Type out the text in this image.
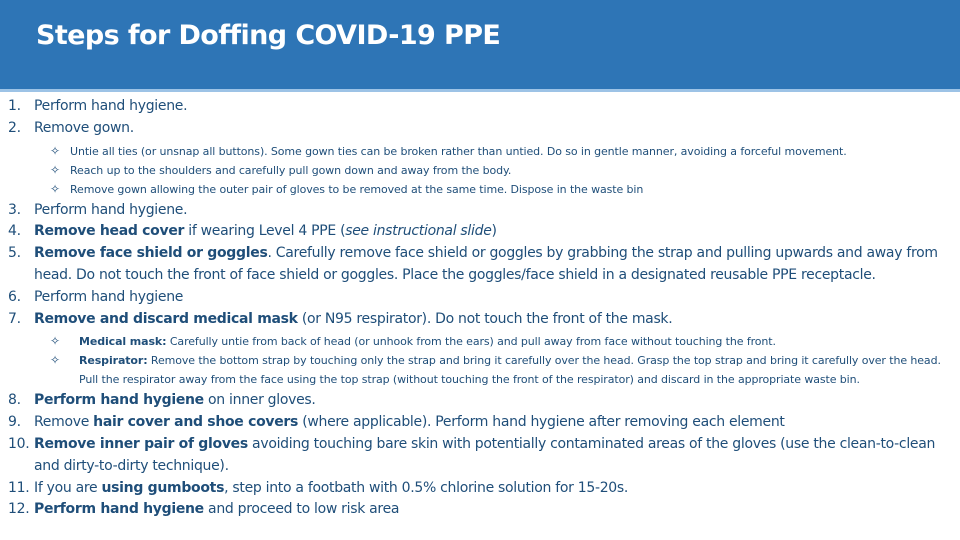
Steps for Doffing COVID-19 PPE
1. Perform hand hygiene.
2. Remove gown.
✧ Untie all ties (or unsnap all buttons). Some gown ties can be broken rather than untied. Do so in gentle manner, avoiding a forceful movement.
✧ Reach up to the shoulders and carefully pull gown down and away from the body.
✧ Remove gown allowing the outer pair of gloves to be removed at the same time. Dispose in the waste bin
3. Perform hand hygiene.
4. Remove head cover if wearing Level 4 PPE (see instructional slide)
5. Remove face shield or goggles. Carefully remove face shield or goggles by grabbing the strap and pulling upwards and away from head. Do not touch the front of face shield or goggles. Place the goggles/face shield in a designated reusable PPE receptacle.
6. Perform hand hygiene
7. Remove and discard medical mask (or N95 respirator). Do not touch the front of the mask.
✧ Medical mask: Carefully untie from back of head (or unhook from the ears) and pull away from face without touching the front.
✧ Respirator: Remove the bottom strap by touching only the strap and bring it carefully over the head. Grasp the top strap and bring it carefully over the head. Pull the respirator away from the face using the top strap (without touching the front of the respirator) and discard in the appropriate waste bin.
8. Perform hand hygiene on inner gloves.
9. Remove hair cover and shoe covers (where applicable). Perform hand hygiene after removing each element
10. Remove inner pair of gloves avoiding touching bare skin with potentially contaminated areas of the gloves (use the clean-to-clean and dirty-to-dirty technique).
11. If you are using gumboots, step into a footbath with 0.5% chlorine solution for 15-20s.
12. Perform hand hygiene and proceed to low risk area
